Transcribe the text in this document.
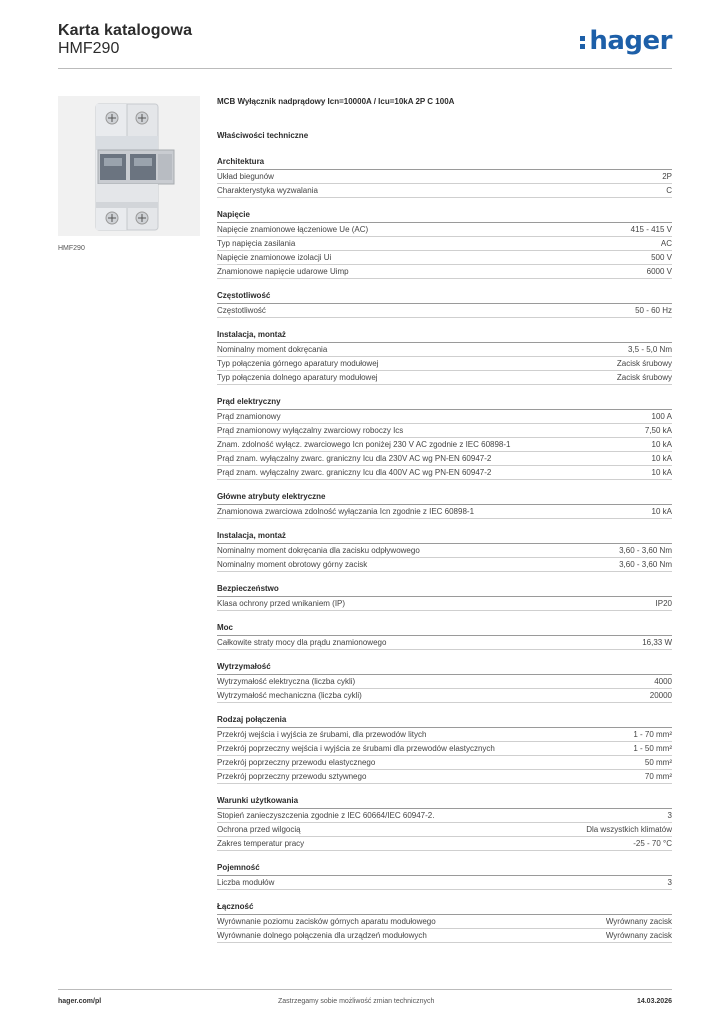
Karta katalogowa
HMF290	hager
HMF290
MCB Wyłącznik nadprądowy Icn=10000A / Icu=10kA 2P C 100A
Właściwości techniczne
Architektura
Układ biegunów	2P
Charakterystyka wyzwalania	C
Napięcie
Napięcie znamionowe łączeniowe Ue (AC)	415 - 415 V
Typ napięcia zasilania	AC
Napięcie znamionowe izolacji Ui	500 V
Znamionowe napięcie udarowe Uimp	6000 V
Częstotliwość
Częstotliwość	50 - 60 Hz
Instalacja, montaż
Nominalny moment dokręcania	3,5 - 5,0 Nm
Typ połączenia górnego aparatury modułowej	Zacisk śrubowy
Typ połączenia dolnego aparatury modułowej	Zacisk śrubowy
Prąd elektryczny
Prąd znamionowy	100 A
Prąd znamionowy wyłączalny zwarciowy roboczy Ics	7,50 kA
Znam. zdolność wyłącz. zwarciowego Icn poniżej 230 V AC zgodnie z IEC 60898-1	10 kA
Prąd znam. wyłączalny zwarc. graniczny Icu dla 230V AC wg PN-EN 60947-2	10 kA
Prąd znam. wyłączalny zwarc. graniczny Icu dla 400V AC wg PN-EN 60947-2	10 kA
Główne atrybuty elektryczne
Znamionowa zwarciowa zdolność wyłączania Icn zgodnie z IEC 60898-1	10 kA
Instalacja, montaż
Nominalny moment dokręcania dla zacisku odpływowego	3,60 - 3,60 Nm
Nominalny moment obrotowy górny zacisk	3,60 - 3,60 Nm
Bezpieczeństwo
Klasa ochrony przed wnikaniem (IP)	IP20
Moc
Całkowite straty mocy dla prądu znamionowego	16,33 W
Wytrzymałość
Wytrzymałość elektryczna (liczba cykli)	4000
Wytrzymałość mechaniczna (liczba cykli)	20000
Rodzaj połączenia
Przekrój wejścia i wyjścia ze śrubami, dla przewodów litych	1 - 70 mm²
Przekrój poprzeczny wejścia i wyjścia ze śrubami dla przewodów elastycznych	1 - 50 mm²
Przekrój poprzeczny przewodu elastycznego	50 mm²
Przekrój poprzeczny przewodu sztywnego	70 mm²
Warunki użytkowania
Stopień zanieczyszczenia zgodnie z IEC 60664/IEC 60947-2.	3
Ochrona przed wilgocią	Dla wszystkich klimatów
Zakres temperatur pracy	-25 - 70 °C
Pojemność
Liczba modułów	3
Łączność
Wyrównanie poziomu zacisków górnych aparatu modułowego	Wyrównany zacisk
Wyrównanie dolnego połączenia dla urządzeń modułowych	Wyrównany zacisk
hager.com/pl	Zastrzegamy sobie możliwość zmian technicznych	14.03.2026
